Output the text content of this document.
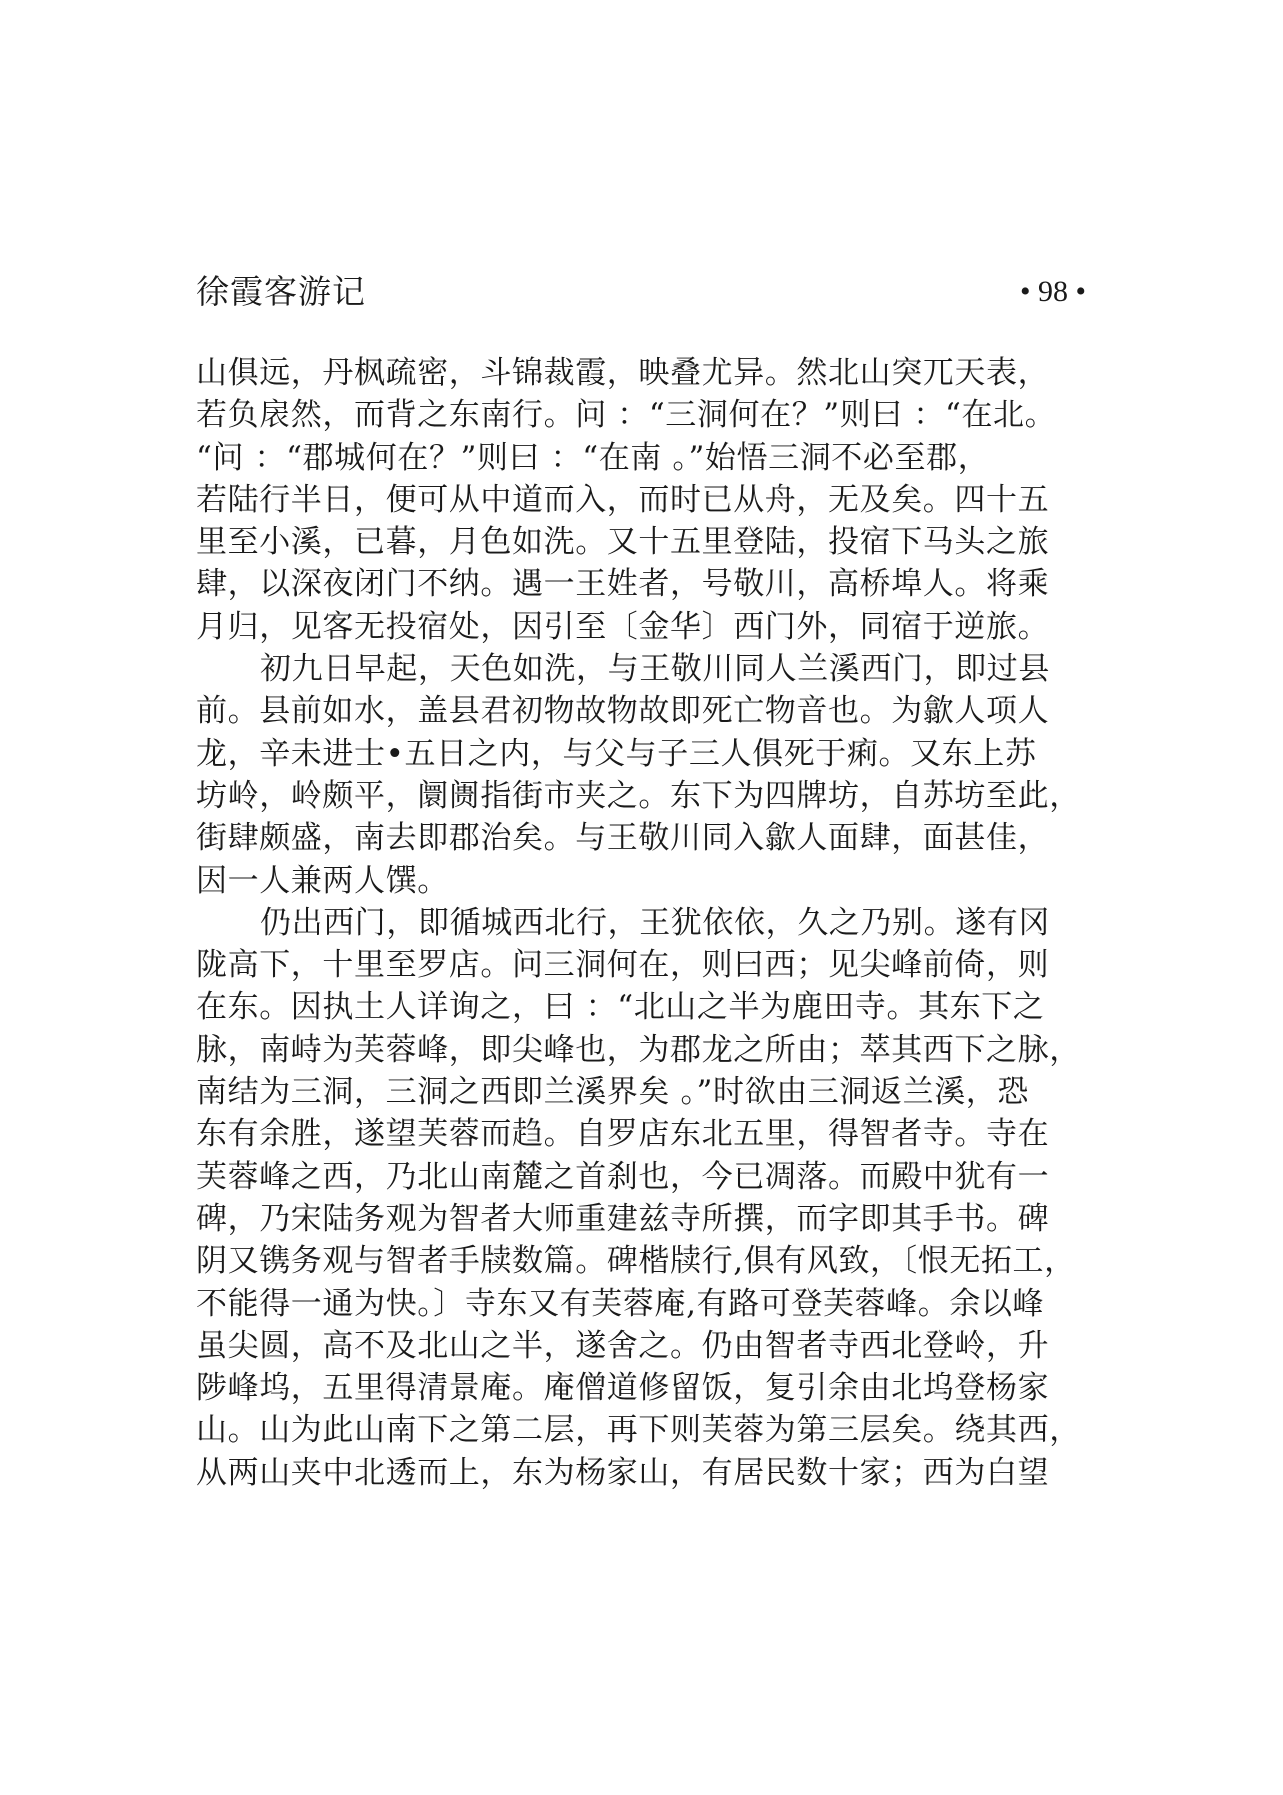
徐霞客游记	• 98 •
山俱远，丹枫疏密，斗锦裁霞，映叠尤异。然北山突兀天表，
若负扆然，而背之东南行。问 ：“三洞何在？”则曰 ：“在北。
“问 ：“郡城何在？”则曰 ：“在南 。”始悟三洞不必至郡，
若陆行半日，便可从中道而入，而时已从舟，无及矣。四十五
里至小溪，已暮，月色如洗。又十五里登陆，投宿下马头之旅
肆，以深夜闭门不纳。遇一王姓者，号敬川，高桥埠人。将乘
月归，见客无投宿处，因引至〔金华〕西门外，同宿于逆旅。
初九日早起，天色如洗，与王敬川同人兰溪西门，即过县
前。县前如水，盖县君初物故物故即死亡物音也。为歙人项人
龙，辛未进士•五日之内，与父与子三人俱死于痢。又东上苏
坊岭，岭颇平，阛阓指街市夹之。东下为四牌坊，自苏坊至此，
街肆颇盛，南去即郡治矣。与王敬川同入歙人面肆，面甚佳，
因一人兼两人馔。
仍出西门，即循城西北行，王犹依依，久之乃别。遂有冈
陇高下，十里至罗店。问三洞何在，则曰西；见尖峰前倚，则
在东。因执土人详询之，曰 ：“北山之半为鹿田寺。其东下之
脉，南峙为芙蓉峰，即尖峰也，为郡龙之所由；萃其西下之脉，
南结为三洞，三洞之西即兰溪界矣 。”时欲由三洞返兰溪，恐
东有余胜，遂望芙蓉而趋。自罗店东北五里，得智者寺。寺在
芙蓉峰之西，乃北山南麓之首刹也，今已凋落。而殿中犹有一
碑，乃宋陆务观为智者大师重建兹寺所撰，而字即其手书。碑
阴又镌务观与智者手牍数篇。碑楷牍行,俱有风致，〔恨无拓工，
不能得一通为快。〕寺东又有芙蓉庵,有路可登芙蓉峰。余以峰
虽尖圆，高不及北山之半，遂舍之。仍由智者寺西北登岭，升
陟峰坞，五里得清景庵。庵僧道修留饭，复引余由北坞登杨家
山。山为此山南下之第二层，再下则芙蓉为第三层矣。绕其西，
从两山夹中北透而上，东为杨家山，有居民数十家；西为白望
